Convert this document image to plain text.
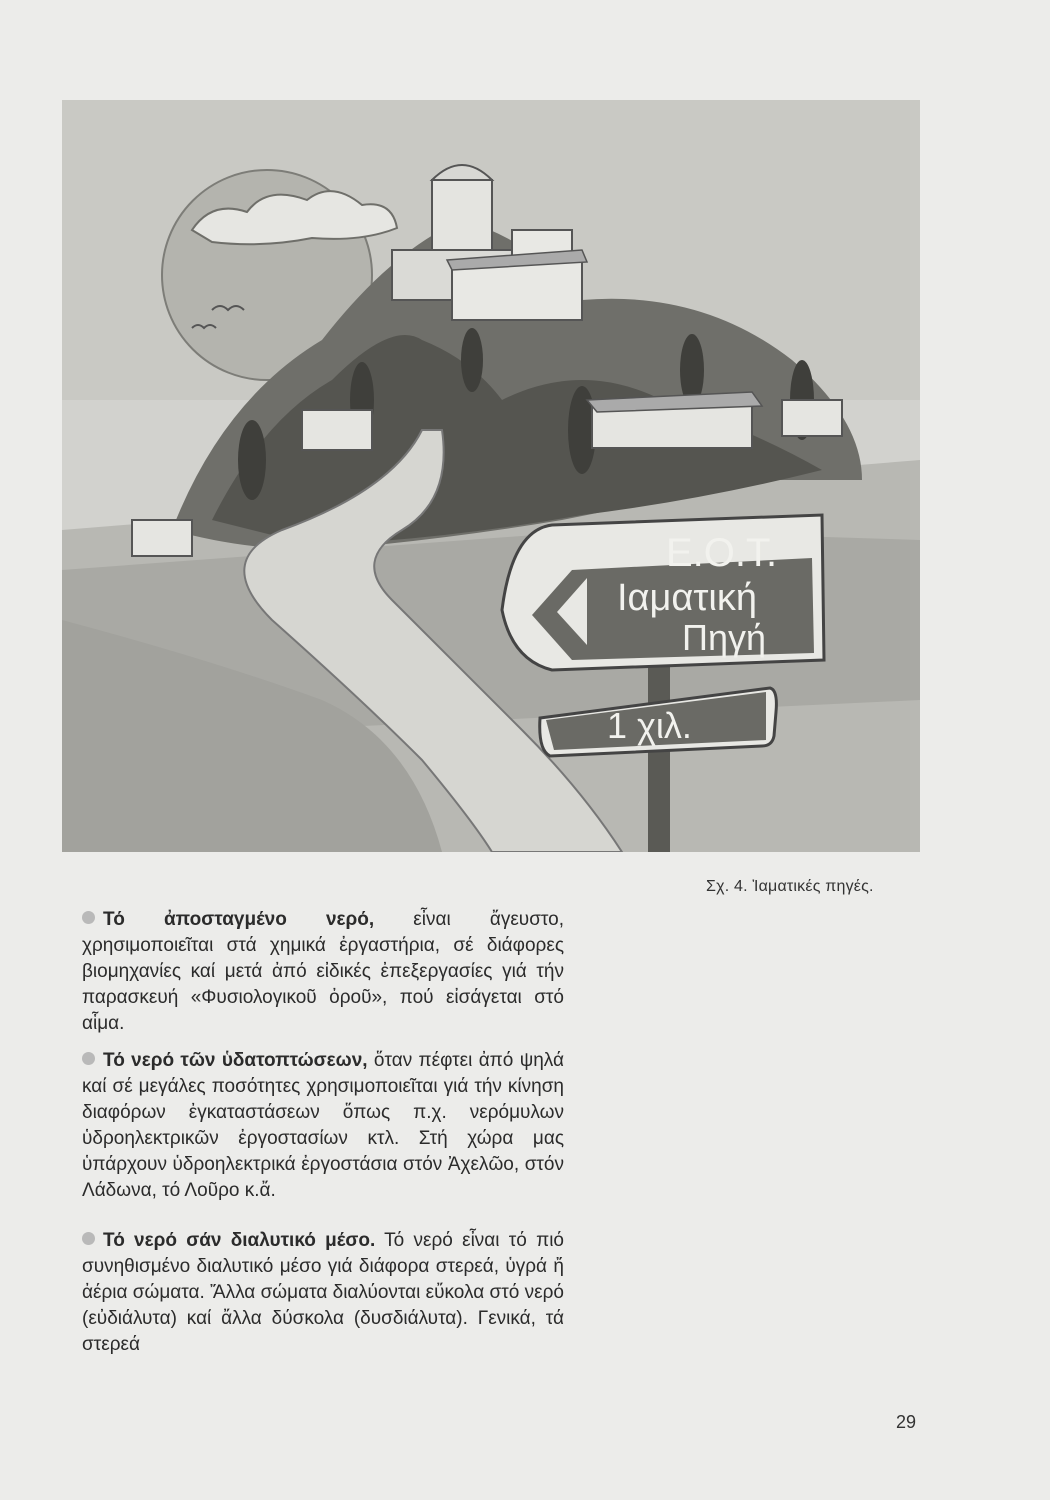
Ε.Ο.Τ.
Ιαματική
Πηγή
1 χιλ.
Σχ. 4. Ἰαματικές πηγές.
Τό ἀποσταγμένο νερό, εἶναι ἄγευστο, χρησιμοποιεῖται στά χημικά ἐργαστήρια, σέ διάφορες βιομηχανίες καί μετά ἀπό εἰδικές ἐπεξεργασίες γιά τήν παρασκευή «Φυσιολογικοῦ ὀροῦ», πού εἰσάγεται στό αἷμα.
Τό νερό τῶν ὑδατοπτώσεων, ὅταν πέφτει ἀπό ψηλά καί σέ μεγάλες ποσότητες χρησιμοποιεῖται γιά τήν κίνηση διαφόρων ἐγκαταστάσεων ὅπως π.χ. νερόμυλων ὑδροηλεκτρικῶν ἐργοστασίων κτλ. Στή χώρα μας ὑπάρχουν ὑδροηλεκτρικά ἐργοστάσια στόν Ἀχελῶο, στόν Λάδωνα, τό Λοῦρο κ.ἄ.
Τό νερό σάν διαλυτικό μέσο. Τό νερό εἶναι τό πιό συνηθισμένο διαλυτικό μέσο γιά διάφορα στερεά, ὑγρά ἤ ἀέρια σώματα. Ἄλλα σώματα διαλύονται εὔκολα στό νερό (εὐδιάλυτα) καί ἄλλα δύσκολα (δυσδιάλυτα). Γενικά, τά στερεά
29
